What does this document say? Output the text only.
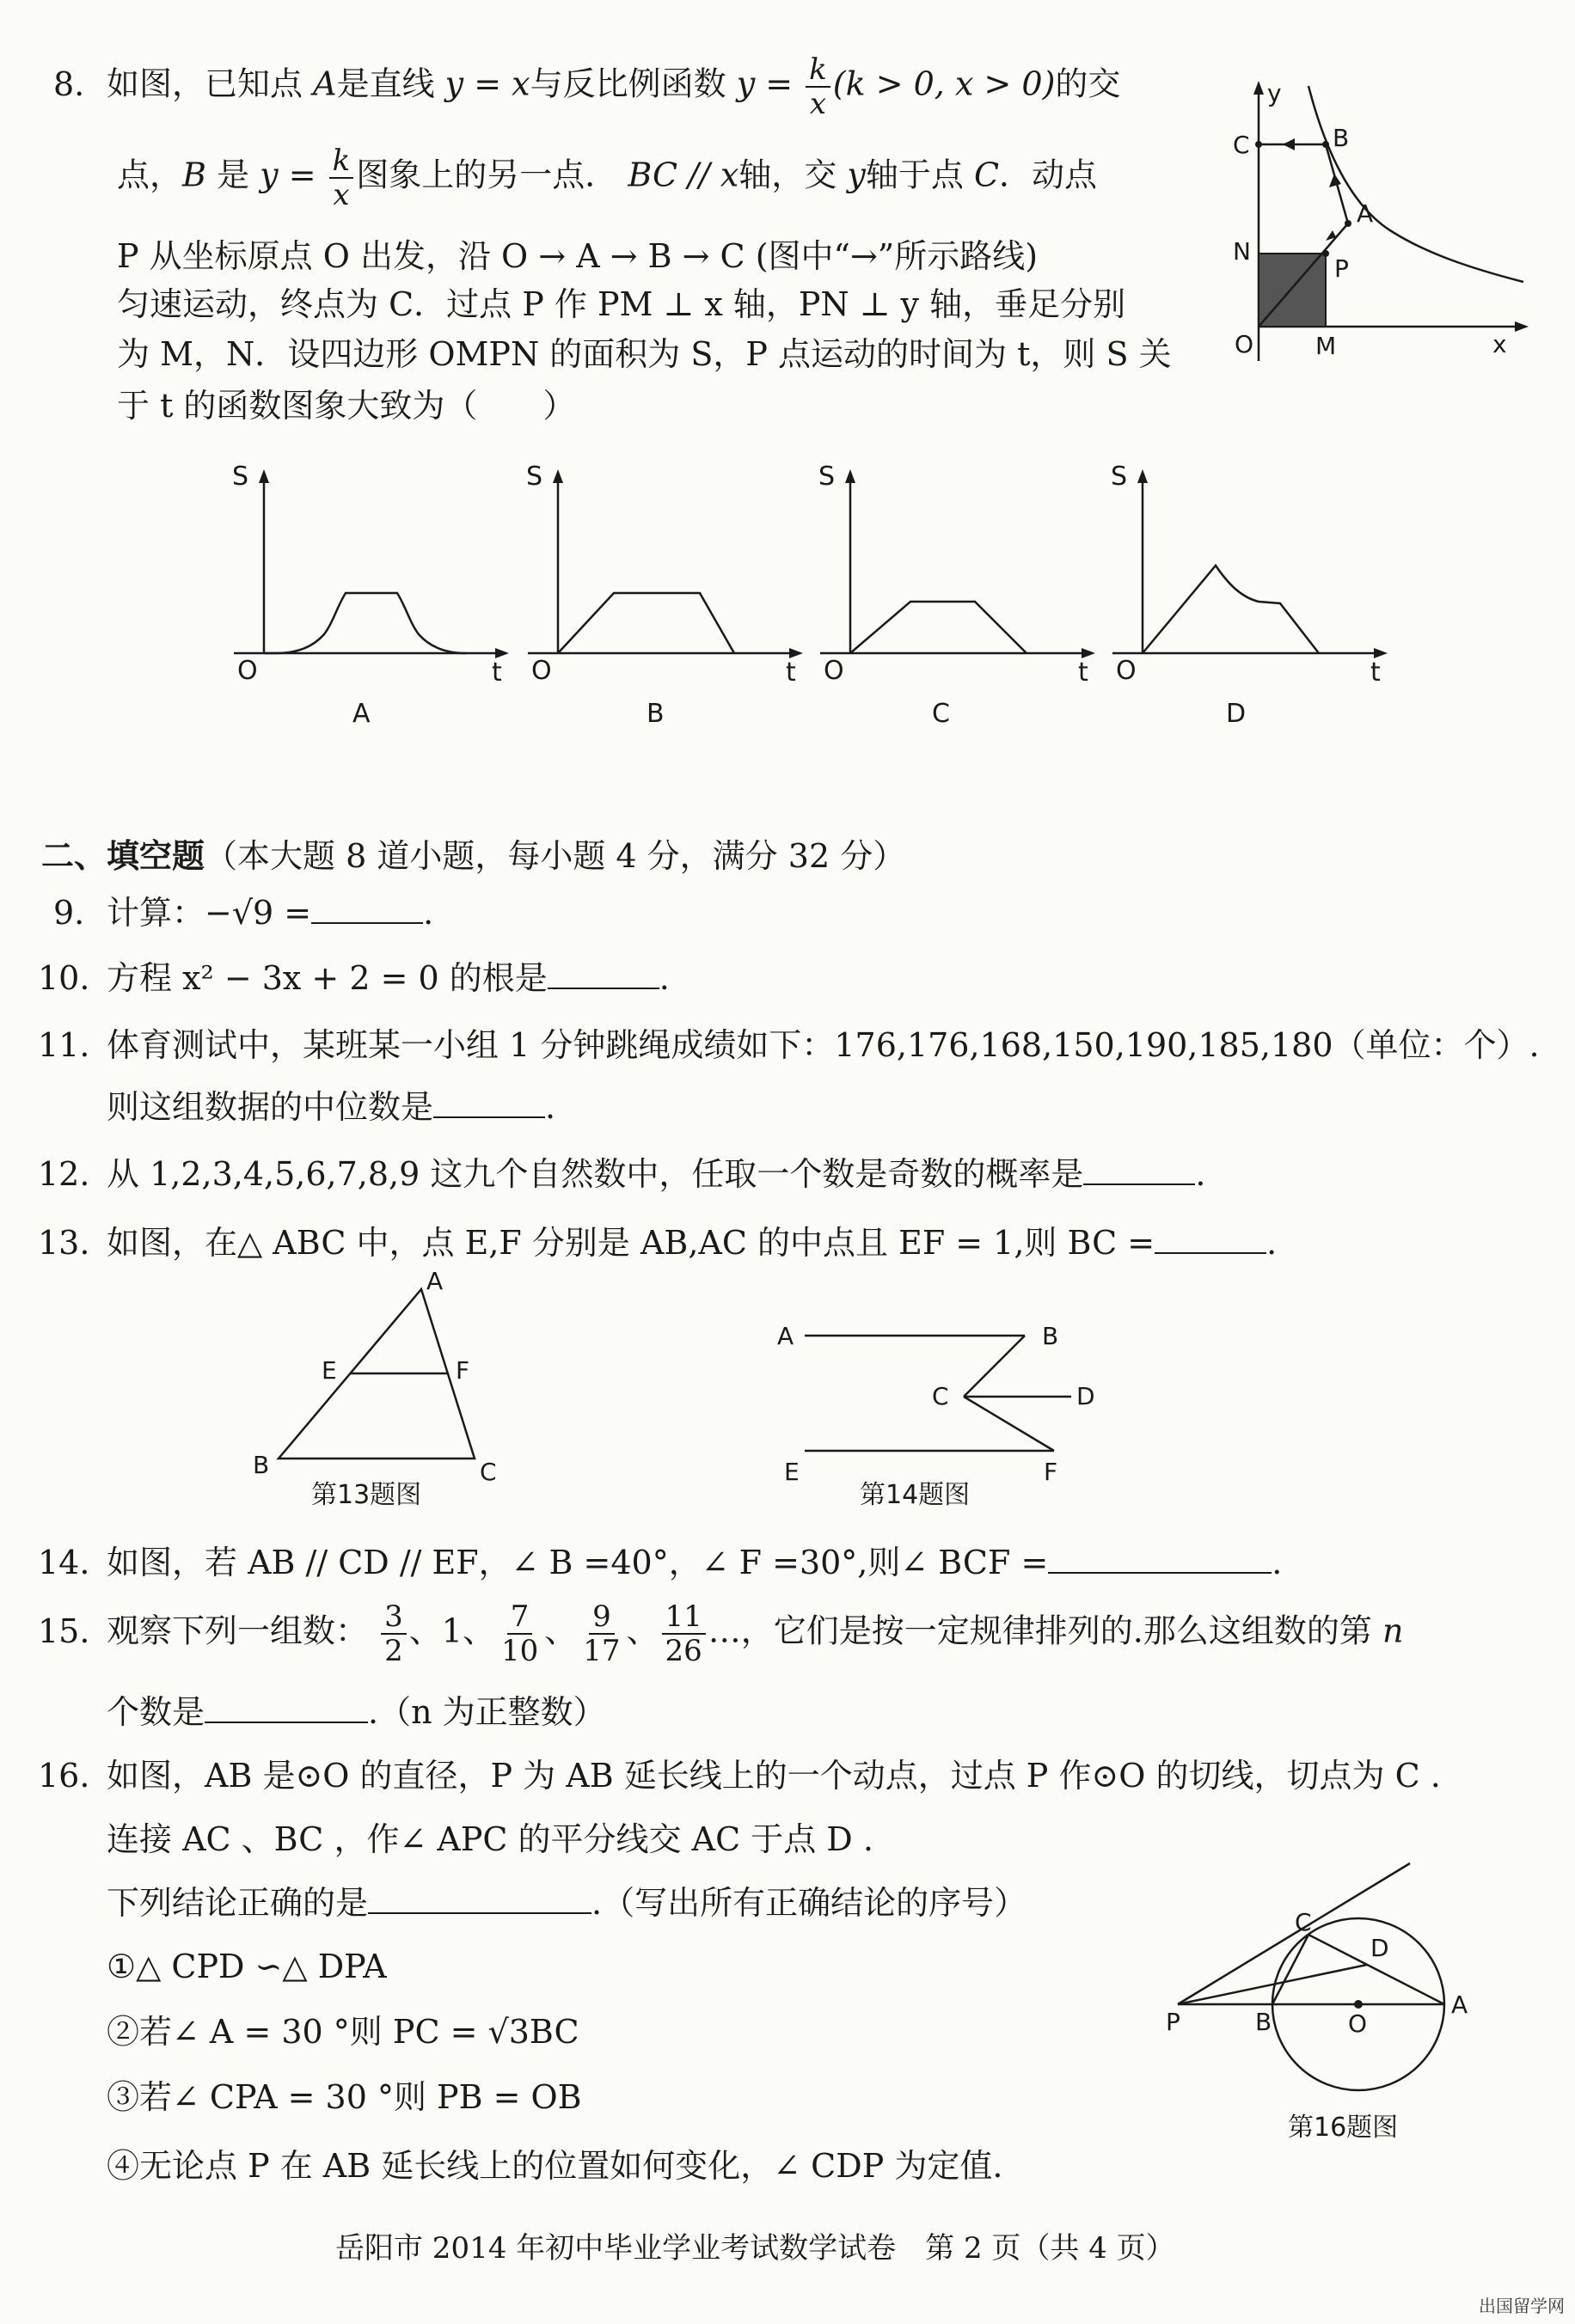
8. 如图，已知点 A是直线 y = x与反比例函数 $y = \frac{k}{x} (k > 0$, x > 0)的交
点，B 是 $y = \frac{k}{x}$ 图象上的另一点． BC // x轴，交 y轴于点 C．动点
P 从坐标原点 O 出发，沿 O → A → B → C (图中“→”所示路线)
匀速运动，终点为 C．过点 P 作 PM ⊥ x 轴，PN ⊥ y 轴，垂足分别
为 M，N．设四边形 OMPN 的面积为 S，P 点运动的时间为 t，则 S 关
于 t 的函数图象大致为（　　）
y
x
C	B
A
N
P
O	M
S
O	t
A
S
O	t
B
S
O	t
C
S
O	t
D
二、填空题（本大题 8 道小题，每小题 4 分，满分 32 分）
9. 计算：−√9 =	.
10. 方程 x² − 3x + 2 = 0 的根是	.
11. 体育测试中，某班某一小组 1 分钟跳绳成绩如下：176,176,168,150,190,185,180（单位：个）.
则这组数据的中位数是	.
12. 从 1,2,3,4,5,6,7,8,9 这九个自然数中，任取一个数是奇数的概率是	.
13. 如图，在△ ABC 中，点 E,F 分别是 AB,AC 的中点且 EF = 1,则 BC =	.
A
E	F
B	C
第13题图
A	B
C	D
E	F
第14题图
14. 如图，若 AB // CD // EF，∠ B =40°，∠ F =30°,则∠ BCF =	.
15. 观察下列一组数： $\frac{3}{2}$ 、1、 $\frac{7}{10}$ 、 $\frac{9}{17}$ 、 $\frac{11}{26}$ …，它们是按一定规律排列的.那么这组数的第 n
个数是	.（n 为正整数）
16. 如图，AB 是⊙O 的直径，P 为 AB 延长线上的一个动点，过点 P 作⊙O 的切线，切点为 C .
连接 AC 、BC ，作∠ APC 的平分线交 AC 于点 D .
下列结论正确的是	.（写出所有正确结论的序号）
①△ CPD ∽△ DPA
②若∠ A = 30 °则 PC = √3BC
③若∠ CPA = 30 °则 PB = OB
④无论点 P 在 AB 延长线上的位置如何变化，∠ CDP 为定值.
C
D
P	B	O
A
第16题图
岳阳市 2014 年初中毕业学业考试数学试卷　第 2 页（共 4 页）
出国留学网
